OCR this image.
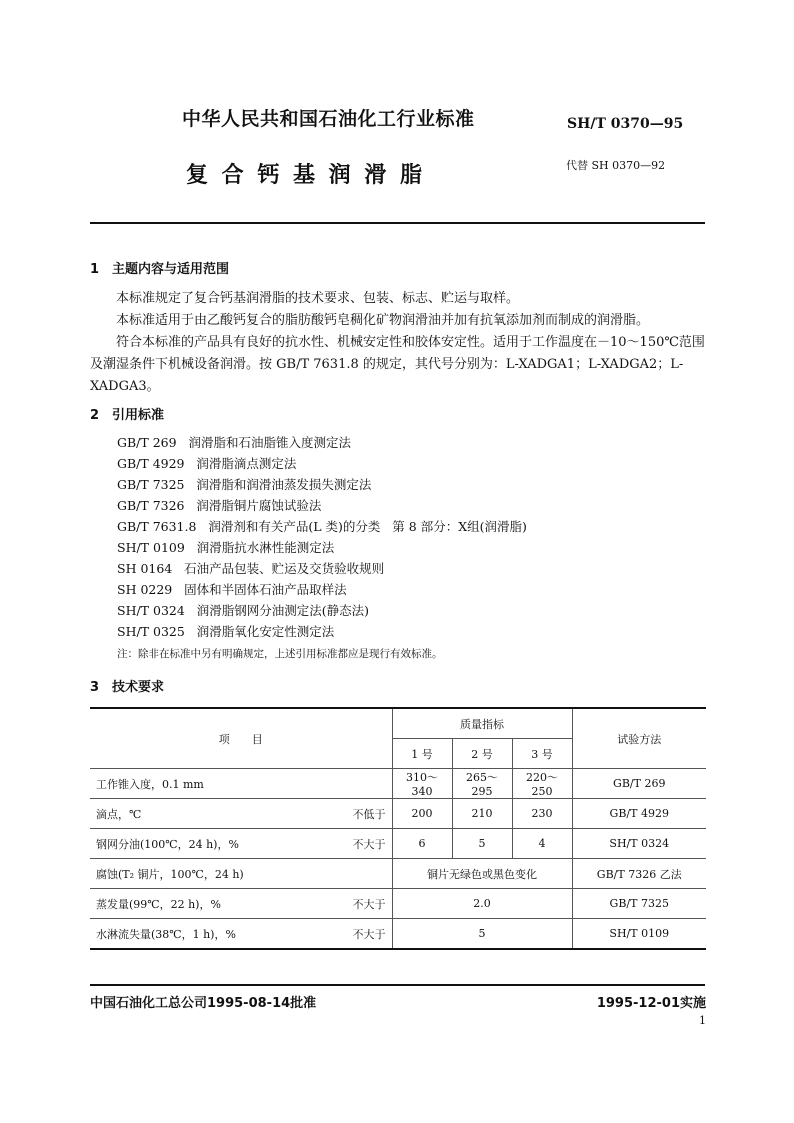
中华人民共和国石油化工行业标准	SH/T 0370—95
复 合 钙 基 润 滑 脂	代替 SH 0370—92
1 主题内容与适用范围
本标准规定了复合钙基润滑脂的技术要求、包装、标志、贮运与取样。
本标准适用于由乙酸钙复合的脂肪酸钙皂稠化矿物润滑油并加有抗氧添加剂而制成的润滑脂。
符合本标准的产品具有良好的抗水性、机械安定性和胶体安定性。适用于工作温度在－10～150℃范围及潮湿条件下机械设备润滑。按 GB/T 7631.8 的规定，其代号分别为：L-XADGA1；L-XADGA2；L-XADGA3。
2 引用标准
GB/T 269   润滑脂和石油脂锥入度测定法
GB/T 4929   润滑脂滴点测定法
GB/T 7325   润滑脂和润滑油蒸发损失测定法
GB/T 7326   润滑脂铜片腐蚀试验法
GB/T 7631.8   润滑剂和有关产品(L 类)的分类   第 8 部分：X组(润滑脂)
SH/T 0109   润滑脂抗水淋性能测定法
SH 0164   石油产品包装、贮运及交货验收规则
SH 0229   固体和半固体石油产品取样法
SH/T 0324   润滑脂钢网分油测定法(静态法)
SH/T 0325   润滑脂氧化安定性测定法
注：除非在标准中另有明确规定，上述引用标准都应是现行有效标准。
3 技术要求
项　　目	质量指标			试验方法
	1 号	2 号	3 号	
工作锥入度，0.1 mm	310～340	265～295	220～250	GB/T 269
滴点，℃ 不低于	200	210	230	GB/T 4929
钢网分油(100℃，24 h)，% 不大于	6	5	4	SH/T 0324
腐蚀(T₂ 铜片，100℃，24 h)	铜片无绿色或黑色变化			GB/T 7326 乙法
蒸发量(99℃，22 h)，% 不大于	2.0			GB/T 7325
水淋流失量(38℃，1 h)，% 不大于	5			SH/T 0109
中国石油化工总公司1995-08-14批准	1995-12-01实施
1
